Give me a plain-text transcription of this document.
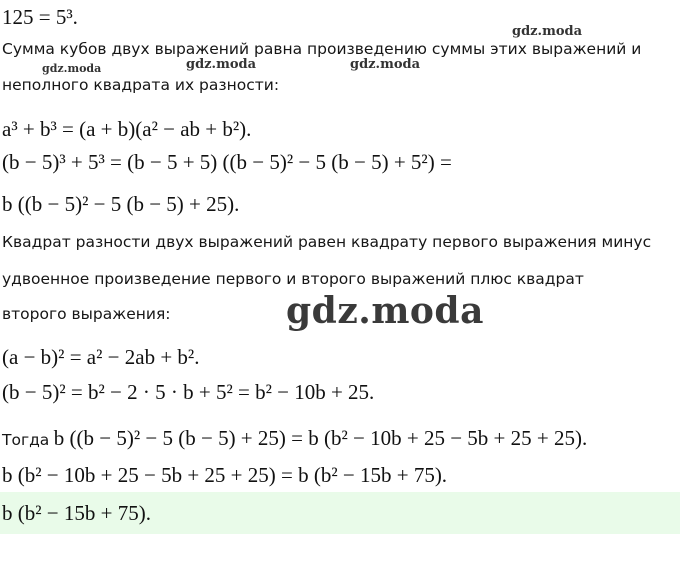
125 = 5³.
gdz.moda
Сумма кубов двух выражений равна произведению суммы этих выражений и
gdz.moda	gdz.moda	gdz.moda
неполного квадрата их разности:
a³ + b³ = (a + b)(a² − ab + b²).
(b − 5)³ + 5³ = (b − 5 + 5) ((b − 5)² − 5 (b − 5) + 5²) =
b ((b − 5)² − 5 (b − 5) + 25).
Квадрат разности двух выражений равен квадрату первого выражения минус
удвоенное произведение первого и второго выражений плюс квадрат
второго выражения:	gdz.moda
(a − b)² = a² − 2ab + b².
(b − 5)² = b² − 2 · 5 · b + 5² = b² − 10b + 25.
Тогда b ((b − 5)² − 5 (b − 5) + 25) = b (b² − 10b + 25 − 5b + 25 + 25).
b (b² − 10b + 25 − 5b + 25 + 25) = b (b² − 15b + 75).
b (b² − 15b + 75).
